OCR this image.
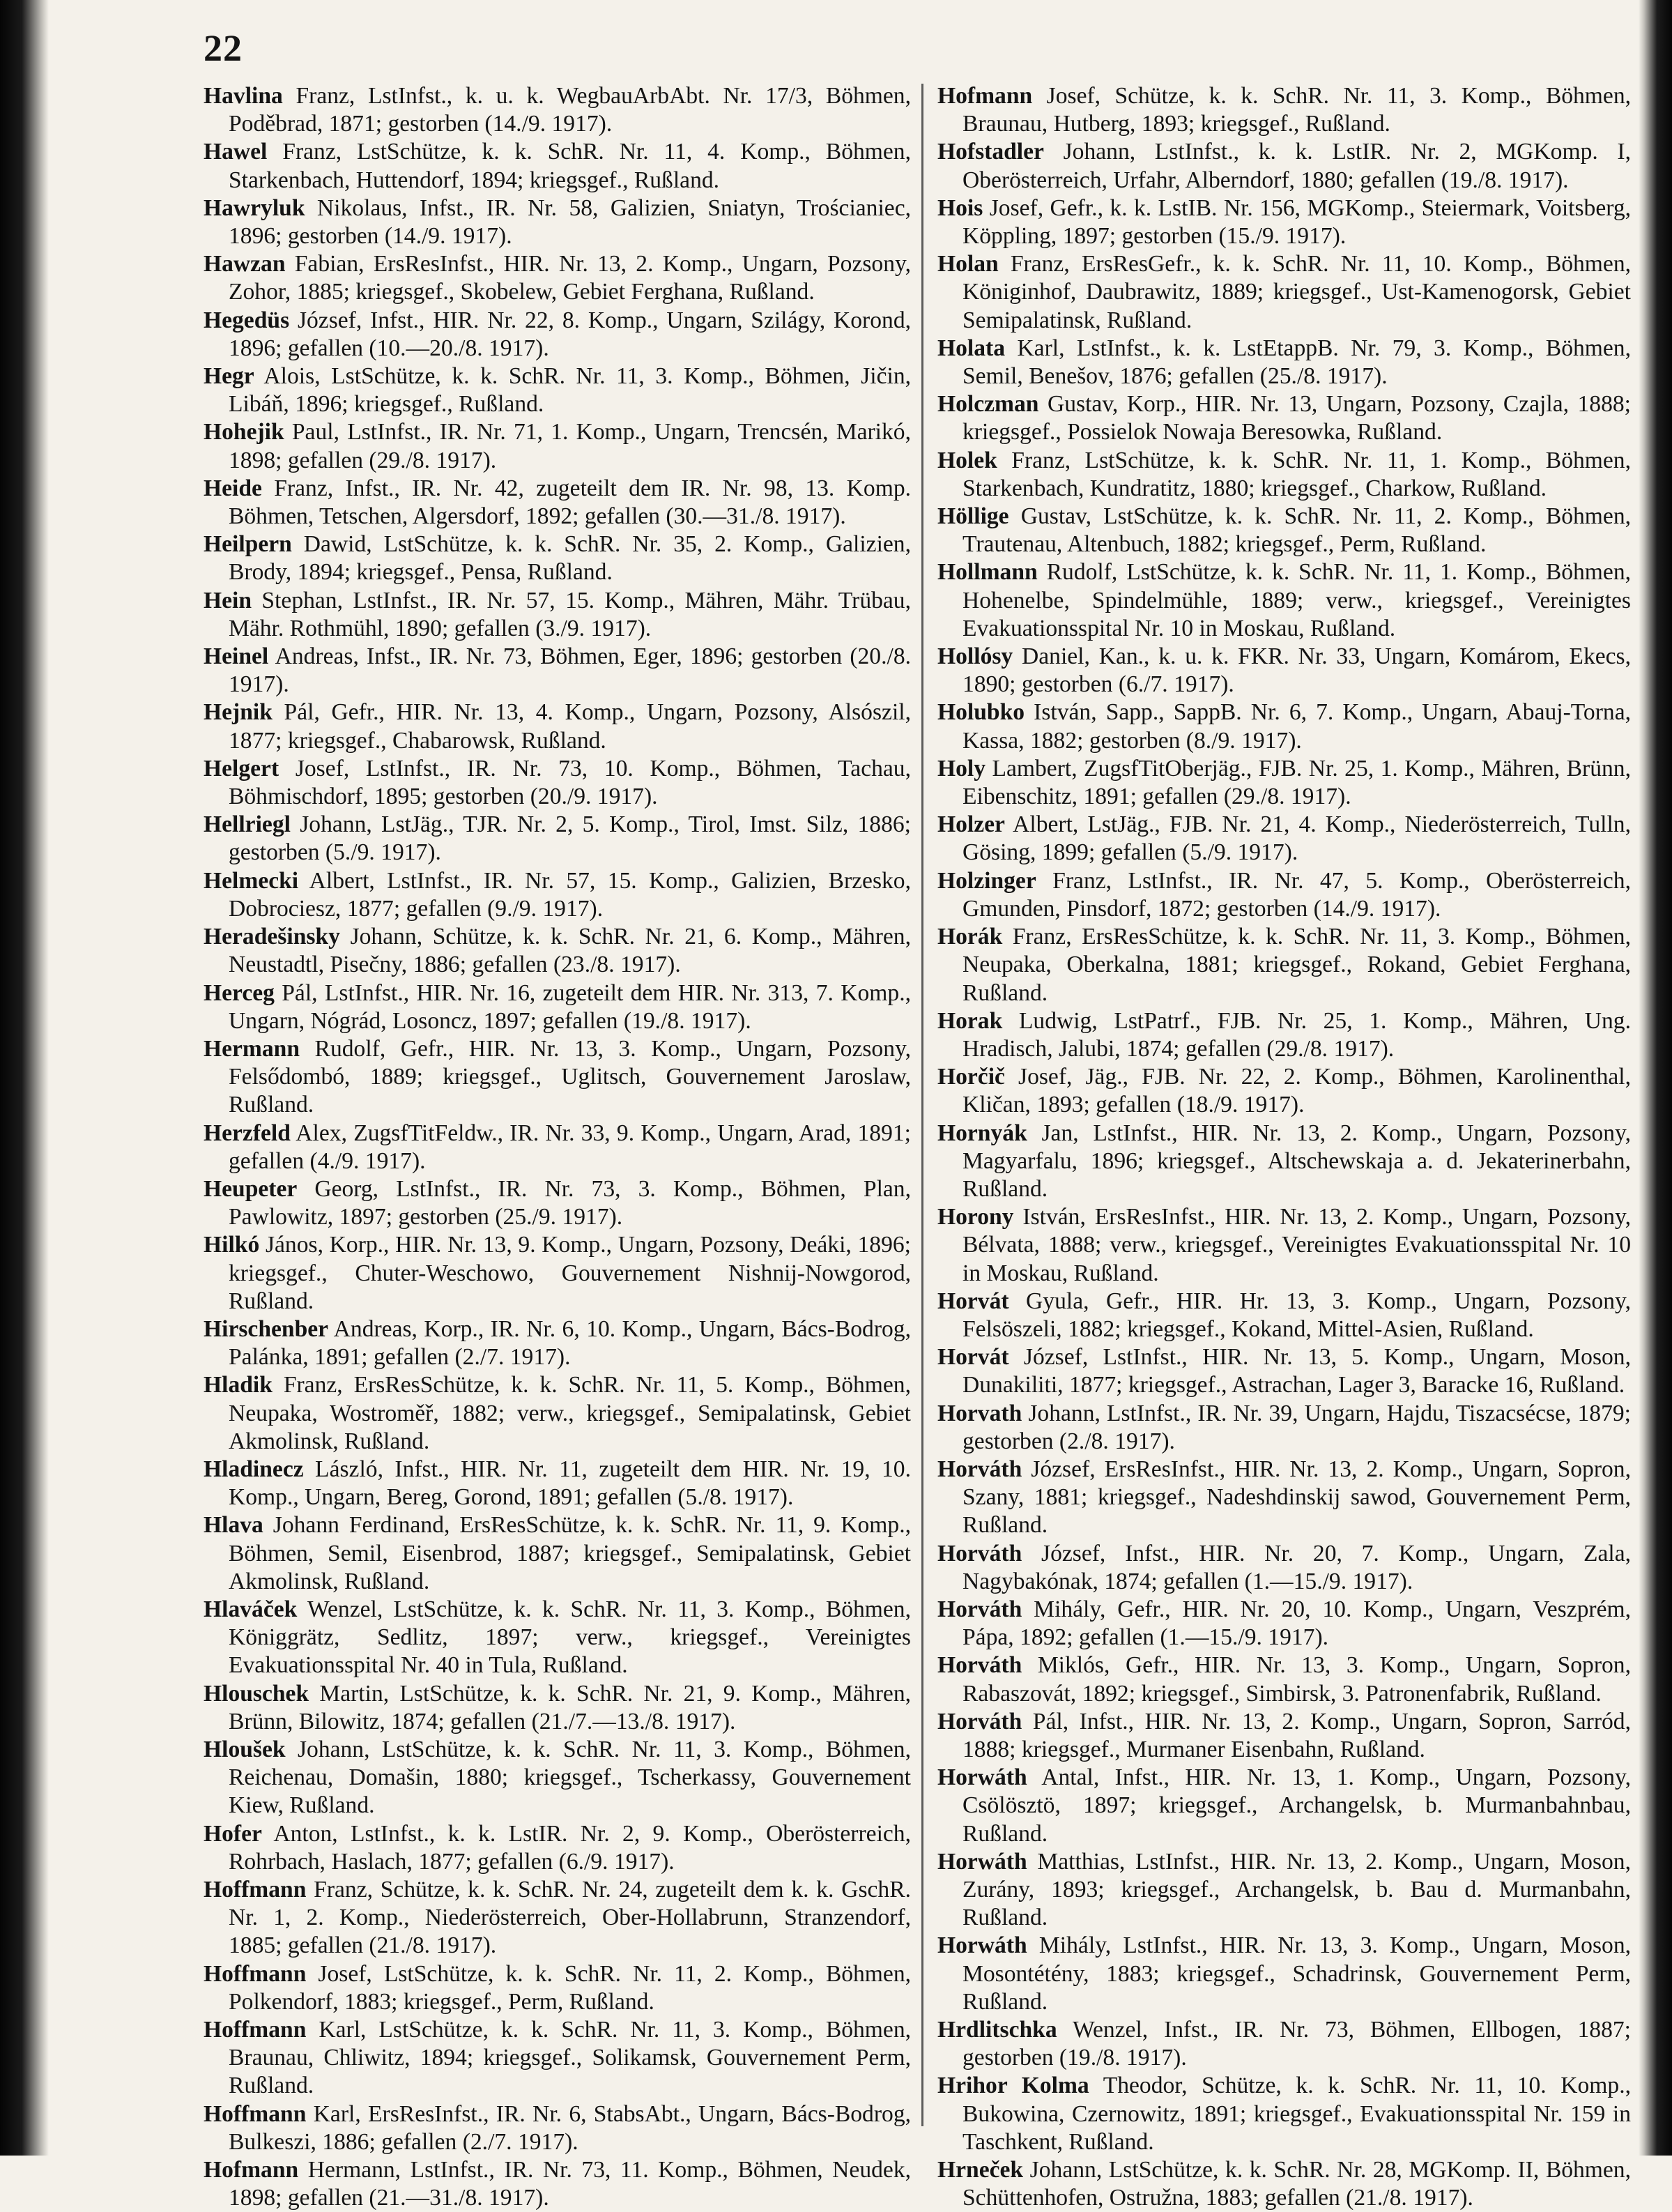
22

Havlina Franz, LstInfst., k. u. k. WegbauArbAbt. Nr. 17/3, Böhmen, Poděbrad, 1871; gestorben (14./9. 1917).

Hawel Franz, LstSchütze, k. k. SchR. Nr. 11, 4. Komp., Böhmen, Starkenbach, Huttendorf, 1894; kriegsgef., Rußland.

Hawryluk Nikolaus, Infst., IR. Nr. 58, Galizien, Sniatyn, Trościaniec, 1896; gestorben (14./9. 1917).

Hawzan Fabian, ErsResInfst., HIR. Nr. 13, 2. Komp., Ungarn, Pozsony, Zohor, 1885; kriegsgef., Skobelew, Gebiet Ferghana, Rußland.

Hegedüs József, Infst., HIR. Nr. 22, 8. Komp., Ungarn, Szilágy, Korond, 1896; gefallen (10.—20./8. 1917).

Hegr Alois, LstSchütze, k. k. SchR. Nr. 11, 3. Komp., Böhmen, Jičin, Libáň, 1896; kriegsgef., Rußland.

Hohejik Paul, LstInfst., IR. Nr. 71, 1. Komp., Ungarn, Trencsén, Marikó, 1898; gefallen (29./8. 1917).

Heide Franz, Infst., IR. Nr. 42, zugeteilt dem IR. Nr. 98, 13. Komp. Böhmen, Tetschen, Algersdorf, 1892; gefallen (30.—31./8. 1917).

Heilpern Dawid, LstSchütze, k. k. SchR. Nr. 35, 2. Komp., Galizien, Brody, 1894; kriegsgef., Pensa, Rußland.

Hein Stephan, LstInfst., IR. Nr. 57, 15. Komp., Mähren, Mähr. Trübau, Mähr. Rothmühl, 1890; gefallen (3./9. 1917).

Heinel Andreas, Infst., IR. Nr. 73, Böhmen, Eger, 1896; gestorben (20./8. 1917).

Hejnik Pál, Gefr., HIR. Nr. 13, 4. Komp., Ungarn, Pozsony, Alsószil, 1877; kriegsgef., Chabarowsk, Rußland.

Helgert Josef, LstInfst., IR. Nr. 73, 10. Komp., Böhmen, Tachau, Böhmischdorf, 1895; gestorben (20./9. 1917).

Hellriegl Johann, LstJäg., TJR. Nr. 2, 5. Komp., Tirol, Imst. Silz, 1886; gestorben (5./9. 1917).

Helmecki Albert, LstInfst., IR. Nr. 57, 15. Komp., Galizien, Brzesko, Dobrociesz, 1877; gefallen (9./9. 1917).

Heradešinsky Johann, Schütze, k. k. SchR. Nr. 21, 6. Komp., Mähren, Neustadtl, Pisečny, 1886; gefallen (23./8. 1917).

Herceg Pál, LstInfst., HIR. Nr. 16, zugeteilt dem HIR. Nr. 313, 7. Komp., Ungarn, Nógrád, Losoncz, 1897; gefallen (19./8. 1917).

Hermann Rudolf, Gefr., HIR. Nr. 13, 3. Komp., Ungarn, Pozsony, Felsődombó, 1889; kriegsgef., Uglitsch, Gouvernement Jaroslaw, Rußland.

Herzfeld Alex, ZugsfTitFeldw., IR. Nr. 33, 9. Komp., Ungarn, Arad, 1891; gefallen (4./9. 1917).

Heupeter Georg, LstInfst., IR. Nr. 73, 3. Komp., Böhmen, Plan, Pawlowitz, 1897; gestorben (25./9. 1917).

Hilkó János, Korp., HIR. Nr. 13, 9. Komp., Ungarn, Pozsony, Deáki, 1896; kriegsgef., Chuter-Weschowo, Gouvernement Nishnij-Nowgorod, Rußland.

Hirschenber Andreas, Korp., IR. Nr. 6, 10. Komp., Ungarn, Bács-Bodrog, Palánka, 1891; gefallen (2./7. 1917).

Hladik Franz, ErsResSchütze, k. k. SchR. Nr. 11, 5. Komp., Böhmen, Neupaka, Wostroměř, 1882; verw., kriegsgef., Semipalatinsk, Gebiet Akmolinsk, Rußland.

Hladinecz László, Infst., HIR. Nr. 11, zugeteilt dem HIR. Nr. 19, 10. Komp., Ungarn, Bereg, Gorond, 1891; gefallen (5./8. 1917).

Hlava Johann Ferdinand, ErsResSchütze, k. k. SchR. Nr. 11, 9. Komp., Böhmen, Semil, Eisenbrod, 1887; kriegsgef., Semipalatinsk, Gebiet Akmolinsk, Rußland.

Hlaváček Wenzel, LstSchütze, k. k. SchR. Nr. 11, 3. Komp., Böhmen, Königgrätz, Sedlitz, 1897; verw., kriegsgef., Vereinigtes Evakuationsspital Nr. 40 in Tula, Rußland.

Hlouschek Martin, LstSchütze, k. k. SchR. Nr. 21, 9. Komp., Mähren, Brünn, Bilowitz, 1874; gefallen (21./7.—13./8. 1917).

Hloušek Johann, LstSchütze, k. k. SchR. Nr. 11, 3. Komp., Böhmen, Reichenau, Domašin, 1880; kriegsgef., Tscherkassy, Gouvernement Kiew, Rußland.

Hofer Anton, LstInfst., k. k. LstIR. Nr. 2, 9. Komp., Oberösterreich, Rohrbach, Haslach, 1877; gefallen (6./9. 1917).

Hoffmann Franz, Schütze, k. k. SchR. Nr. 24, zugeteilt dem k. k. GschR. Nr. 1, 2. Komp., Niederösterreich, Ober-Hollabrunn, Stranzendorf, 1885; gefallen (21./8. 1917).

Hoffmann Josef, LstSchütze, k. k. SchR. Nr. 11, 2. Komp., Böhmen, Polkendorf, 1883; kriegsgef., Perm, Rußland.

Hoffmann Karl, LstSchütze, k. k. SchR. Nr. 11, 3. Komp., Böhmen, Braunau, Chliwitz, 1894; kriegsgef., Solikamsk, Gouvernement Perm, Rußland.

Hoffmann Karl, ErsResInfst., IR. Nr. 6, StabsAbt., Ungarn, Bács-Bodrog, Bulkeszi, 1886; gefallen (2./7. 1917).

Hofmann Hermann, LstInfst., IR. Nr. 73, 11. Komp., Böhmen, Neudek, 1898; gefallen (21.—31./8. 1917).

Hofmann Josef, Schütze, k. k. SchR. Nr. 11, 3. Komp., Böhmen, Braunau, Hutberg, 1893; kriegsgef., Rußland.

Hofstadler Johann, LstInfst., k. k. LstIR. Nr. 2, MGKomp. I, Oberösterreich, Urfahr, Alberndorf, 1880; gefallen (19./8. 1917).

Hois Josef, Gefr., k. k. LstIB. Nr. 156, MGKomp., Steiermark, Voitsberg, Köppling, 1897; gestorben (15./9. 1917).

Holan Franz, ErsResGefr., k. k. SchR. Nr. 11, 10. Komp., Böhmen, Königinhof, Daubrawitz, 1889; kriegsgef., Ust-Kamenogorsk, Gebiet Semipalatinsk, Rußland.

Holata Karl, LstInfst., k. k. LstEtappB. Nr. 79, 3. Komp., Böhmen, Semil, Benešov, 1876; gefallen (25./8. 1917).

Holczman Gustav, Korp., HIR. Nr. 13, Ungarn, Pozsony, Czajla, 1888; kriegsgef., Possielok Nowaja Beresowka, Rußland.

Holek Franz, LstSchütze, k. k. SchR. Nr. 11, 1. Komp., Böhmen, Starkenbach, Kundratitz, 1880; kriegsgef., Charkow, Rußland.

Höllige Gustav, LstSchütze, k. k. SchR. Nr. 11, 2. Komp., Böhmen, Trautenau, Altenbuch, 1882; kriegsgef., Perm, Rußland.

Hollmann Rudolf, LstSchütze, k. k. SchR. Nr. 11, 1. Komp., Böhmen, Hohenelbe, Spindelmühle, 1889; verw., kriegsgef., Vereinigtes Evakuationsspital Nr. 10 in Moskau, Rußland.

Hollósy Daniel, Kan., k. u. k. FKR. Nr. 33, Ungarn, Komárom, Ekecs, 1890; gestorben (6./7. 1917).

Holubko István, Sapp., SappB. Nr. 6, 7. Komp., Ungarn, Abauj-Torna, Kassa, 1882; gestorben (8./9. 1917).

Holy Lambert, ZugsfTitOberjäg., FJB. Nr. 25, 1. Komp., Mähren, Brünn, Eibenschitz, 1891; gefallen (29./8. 1917).

Holzer Albert, LstJäg., FJB. Nr. 21, 4. Komp., Niederösterreich, Tulln, Gösing, 1899; gefallen (5./9. 1917).

Holzinger Franz, LstInfst., IR. Nr. 47, 5. Komp., Oberösterreich, Gmunden, Pinsdorf, 1872; gestorben (14./9. 1917).

Horák Franz, ErsResSchütze, k. k. SchR. Nr. 11, 3. Komp., Böhmen, Neupaka, Oberkalna, 1881; kriegsgef., Rokand, Gebiet Ferghana, Rußland.

Horak Ludwig, LstPatrf., FJB. Nr. 25, 1. Komp., Mähren, Ung. Hradisch, Jalubi, 1874; gefallen (29./8. 1917).

Horčič Josef, Jäg., FJB. Nr. 22, 2. Komp., Böhmen, Karolinenthal, Kličan, 1893; gefallen (18./9. 1917).

Hornyák Jan, LstInfst., HIR. Nr. 13, 2. Komp., Ungarn, Pozsony, Magyarfalu, 1896; kriegsgef., Altschewskaja a. d. Jekaterinerbahn, Rußland.

Horony István, ErsResInfst., HIR. Nr. 13, 2. Komp., Ungarn, Pozsony, Bélvata, 1888; verw., kriegsgef., Vereinigtes Evakuationsspital Nr. 10 in Moskau, Rußland.

Horvát Gyula, Gefr., HIR. Hr. 13, 3. Komp., Ungarn, Pozsony, Felsöszeli, 1882; kriegsgef., Kokand, Mittel-Asien, Rußland.

Horvát József, LstInfst., HIR. Nr. 13, 5. Komp., Ungarn, Moson, Dunakiliti, 1877; kriegsgef., Astrachan, Lager 3, Baracke 16, Rußland.

Horvath Johann, LstInfst., IR. Nr. 39, Ungarn, Hajdu, Tiszacsécse, 1879; gestorben (2./8. 1917).

Horváth József, ErsResInfst., HIR. Nr. 13, 2. Komp., Ungarn, Sopron, Szany, 1881; kriegsgef., Nadeshdinskij sawod, Gouvernement Perm, Rußland.

Horváth József, Infst., HIR. Nr. 20, 7. Komp., Ungarn, Zala, Nagybakónak, 1874; gefallen (1.—15./9. 1917).

Horváth Mihály, Gefr., HIR. Nr. 20, 10. Komp., Ungarn, Veszprém, Pápa, 1892; gefallen (1.—15./9. 1917).

Horváth Miklós, Gefr., HIR. Nr. 13, 3. Komp., Ungarn, Sopron, Rabaszovát, 1892; kriegsgef., Simbirsk, 3. Patronenfabrik, Rußland.

Horváth Pál, Infst., HIR. Nr. 13, 2. Komp., Ungarn, Sopron, Sarród, 1888; kriegsgef., Murmaner Eisenbahn, Rußland.

Horwáth Antal, Infst., HIR. Nr. 13, 1. Komp., Ungarn, Pozsony, Csölösztö, 1897; kriegsgef., Archangelsk, b. Murmanbahnbau, Rußland.

Horwáth Matthias, LstInfst., HIR. Nr. 13, 2. Komp., Ungarn, Moson, Zurány, 1893; kriegsgef., Archangelsk, b. Bau d. Murmanbahn, Rußland.

Horwáth Mihály, LstInfst., HIR. Nr. 13, 3. Komp., Ungarn, Moson, Mosontétény, 1883; kriegsgef., Schadrinsk, Gouvernement Perm, Rußland.

Hrdlitschka Wenzel, Infst., IR. Nr. 73, Böhmen, Ellbogen, 1887; gestorben (19./8. 1917).

Hrihor Kolma Theodor, Schütze, k. k. SchR. Nr. 11, 10. Komp., Bukowina, Czernowitz, 1891; kriegsgef., Evakuationsspital Nr. 159 in Taschkent, Rußland.

Hrneček Johann, LstSchütze, k. k. SchR. Nr. 28, MGKomp. II, Böhmen, Schüttenhofen, Ostružna, 1883; gefallen (21./8. 1917).
